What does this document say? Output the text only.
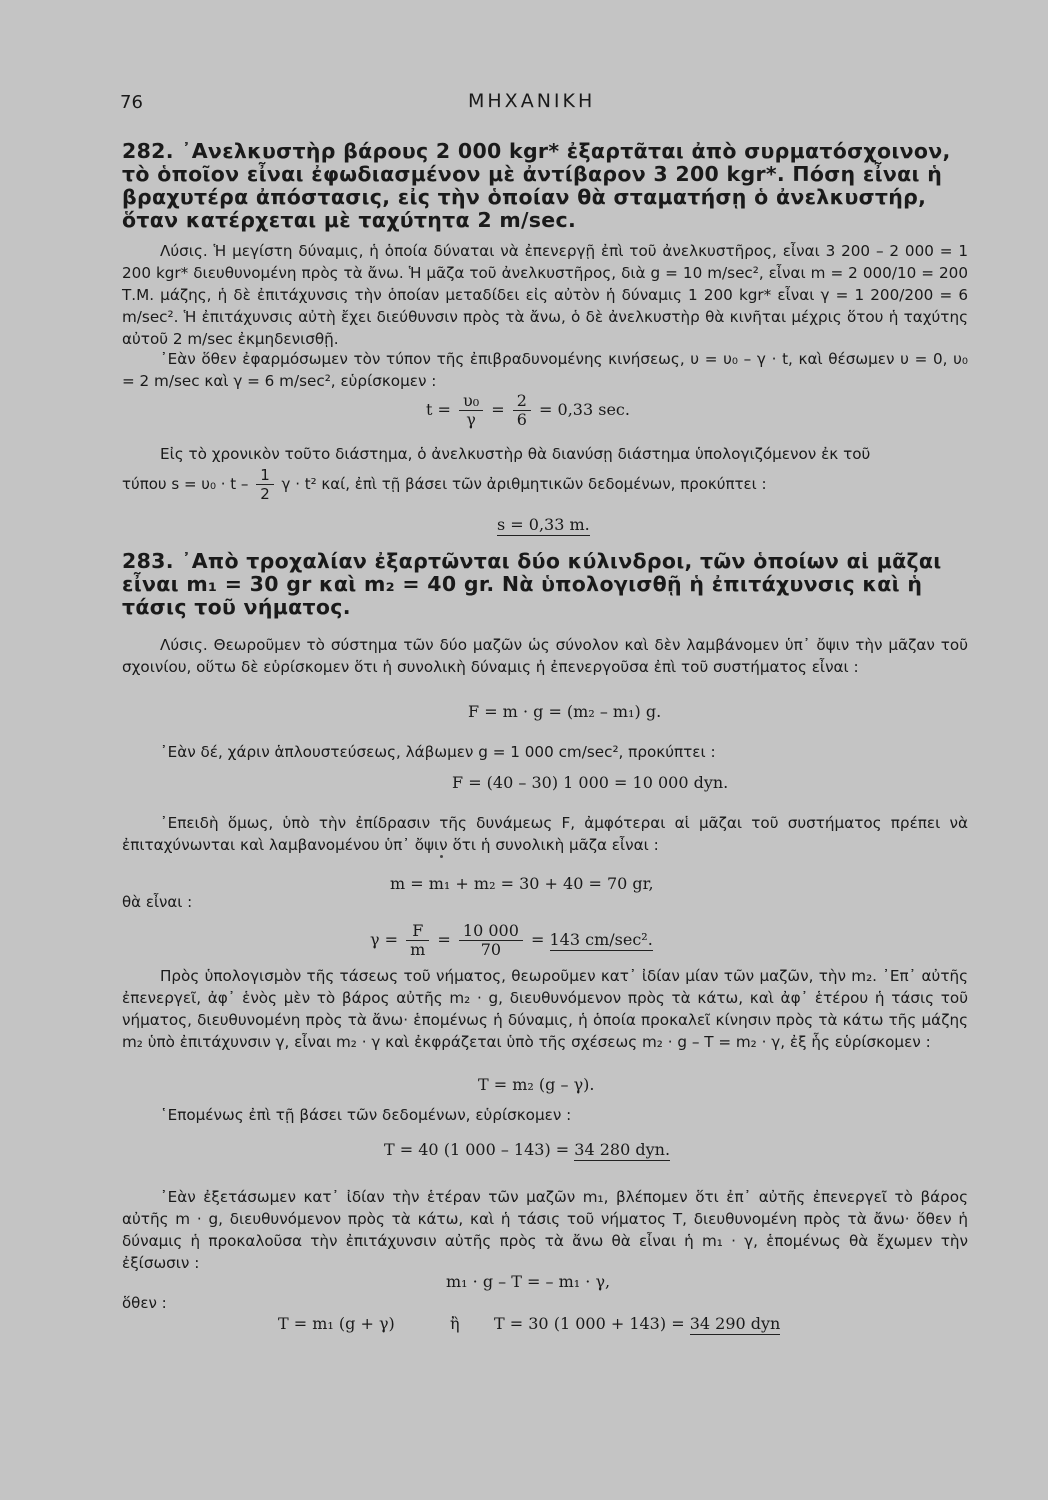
76	ΜΗΧΑΝΙΚΗ
282. ᾿Ανελκυστὴρ βάρους 2 000 kgr* ἐξαρτᾶται ἀπὸ συρματόσχοινον, τὸ ὁποῖον εἶναι ἐφωδιασμένον μὲ ἀντίβαρον 3 200 kgr*. Πόση εἶναι ἡ βραχυτέρα ἀπόστασις, εἰς τὴν ὁποίαν θὰ σταματήσῃ ὁ ἀνελκυστήρ, ὅταν κατέρχεται μὲ ταχύτητα 2 m/sec.
Λύσις. Ἡ μεγίστη δύναμις, ἡ ὁποία δύναται νὰ ἐπενεργῇ ἐπὶ τοῦ ἀνελκυστῆρος, εἶναι 3 200 – 2 000 = 1 200 kgr* διευθυνομένη πρὸς τὰ ἄνω. Ἡ μᾶζα τοῦ ἀνελκυστῆρος, διὰ g = 10 m/sec², εἶναι m = 2 000/10 = 200 Τ.Μ. μάζης, ἡ δὲ ἐπιτάχυνσις τὴν ὁποίαν μεταδίδει εἰς αὐτὸν ἡ δύναμις 1 200 kgr* εἶναι γ = 1 200/200 = 6 m/sec². Ἡ ἐπιτάχυνσις αὐτὴ ἔχει διεύθυνσιν πρὸς τὰ ἄνω, ὁ δὲ ἀνελκυστὴρ θὰ κινῆται μέχρις ὅτου ἡ ταχύτης αὐτοῦ 2 m/sec ἐκμηδενισθῇ.
᾿Εὰν ὅθεν ἐφαρμόσωμεν τὸν τύπον τῆς ἐπιβραδυνομένης κινήσεως, υ = υ₀ – γ · t, καὶ θέσωμεν υ = 0, υ₀ = 2 m/sec καὶ γ = 6 m/sec², εὑρίσκομεν :
$t = \frac{\text{υ₀}}{\gamma} = \frac{2}{6} = 0,33$ sec.
Εἰς τὸ χρονικὸν τοῦτο διάστημα, ὁ ἀνελκυστὴρ θὰ διανύσῃ διάστημα ὑπολογιζόμενον ἐκ τοῦ
τύπου $s = \upsilon_0 \cdot t - \frac{1}{2}$ γ · t² καί, ἐπὶ τῇ βάσει τῶν ἀριθμητικῶν δεδομένων, προκύπτει :
s = 0,33 m.
283. ᾿Απὸ τροχαλίαν ἐξαρτῶνται δύο κύλινδροι, τῶν ὁποίων αἱ μᾶζαι εἶναι m₁ = 30 gr καὶ m₂ = 40 gr. Νὰ ὑπολογισθῇ ἡ ἐπιτάχυνσις καὶ ἡ τάσις τοῦ νήματος.
Λύσις. Θεωροῦμεν τὸ σύστημα τῶν δύο μαζῶν ὡς σύνολον καὶ δὲν λαμβάνομεν ὑπ᾿ ὄψιν τὴν μᾶζαν τοῦ σχοινίου, οὕτω δὲ εὑρίσκομεν ὅτι ἡ συνολικὴ δύναμις ἡ ἐπενεργοῦσα ἐπὶ τοῦ συστήματος εἶναι :
F = m · g = (m₂ – m₁) g.
᾿Εὰν δέ, χάριν ἁπλουστεύσεως, λάβωμεν g = 1 000 cm/sec², προκύπτει :
F = (40 – 30) 1 000 = 10 000 dyn.
᾿Επειδὴ ὅμως, ὑπὸ τὴν ἐπίδρασιν τῆς δυνάμεως F, ἀμφότεραι αἱ μᾶζαι τοῦ συστήματος πρέπει νὰ ἐπιταχύνωνται καὶ λαμβανομένου ὑπ᾿ ὄψιν ὅτι ἡ συνολικὴ μᾶζα εἶναι :
m = m₁ + m₂ = 30 + 40 = 70 gr,
θὰ εἶναι :
$\gamma = \frac{F}{m} = \frac{10 000}{70} = 143$ cm/sec².
Πρὸς ὑπολογισμὸν τῆς τάσεως τοῦ νήματος, θεωροῦμεν κατ᾿ ἰδίαν μίαν τῶν μαζῶν, τὴν m₂. ᾿Επ᾿ αὐτῆς ἐπενεργεῖ, ἀφ᾿ ἑνὸς μὲν τὸ βάρος αὐτῆς m₂ · g, διευθυνόμενον πρὸς τὰ κάτω, καὶ ἀφ᾿ ἑτέρου ἡ τάσις τοῦ νήματος, διευθυνομένη πρὸς τὰ ἄνω· ἑπομένως ἡ δύναμις, ἡ ὁποία προκαλεῖ κίνησιν πρὸς τὰ κάτω τῆς μάζης m₂ ὑπὸ ἐπιτάχυνσιν γ, εἶναι m₂ · γ καὶ ἐκφράζεται ὑπὸ τῆς σχέσεως m₂ · g – T = m₂ · γ, ἐξ ἧς εὑρίσκομεν :
T = m₂ (g – γ).
῾Επομένως ἐπὶ τῇ βάσει τῶν δεδομένων, εὑρίσκομεν :
T = 40 (1 000 – 143) = 34 280 dyn.
᾿Εὰν ἐξετάσωμεν κατ᾿ ἰδίαν τὴν ἑτέραν τῶν μαζῶν m₁, βλέπομεν ὅτι ἐπ᾿ αὐτῆς ἐπενεργεῖ τὸ βάρος αὐτῆς m · g, διευθυνόμενον πρὸς τὰ κάτω, καὶ ἡ τάσις τοῦ νήματος T, διευθυνομένη πρὸς τὰ ἄνω· ὅθεν ἡ δύναμις ἡ προκαλοῦσα τὴν ἐπιτάχυνσιν αὐτῆς πρὸς τὰ ἄνω θὰ εἶναι ἡ m₁ · γ, ἑπομένως θὰ ἔχωμεν τὴν ἐξίσωσιν :
m₁ · g – T = – m₁ · γ,
ὅθεν :
T = m₁ (g + γ)	ἢ T = 30 (1 000 + 143) = 34 290 dyn
